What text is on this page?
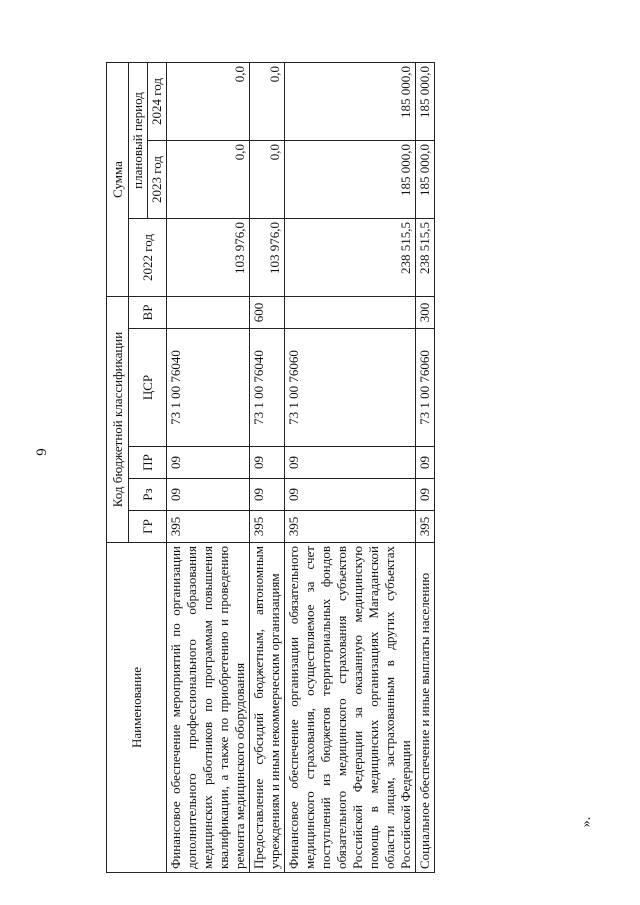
6
Наименование	Код бюджетной классификации					Сумма		
	ГР	Рз	ПР	ЦСР	ВР	2022 год	плановый период	
							2023 год	2024 год
Финансовое обеспечение мероприятий по организации дополнительного профессионального образования медицинских работников по программам повышения квалификации, а также по приобретению и проведению ремонта медицинского оборудования	395	09	09	73 1 00 76040		103 976,0	0,0	0,0
Предоставление субсидий бюджетным, автономным учреждениям и иным некоммерческим организациям	395	09	09	73 1 00 76040	600	103 976,0	0,0	0,0
Финансовое обеспечение организации обязательного медицинского страхования, осуществляемое за счет поступлений из бюджетов территориальных фондов обязательного медицинского страхования субъектов Российской Федерации за оказанную медицинскую помощь в медицинских организациях Магаданской области лицам, застрахованным в других субъектах Российской Федерации	395	09	09	73 1 00 76060		238 515,5	185 000,0	185 000,0
Социальное обеспечение и иные выплаты населению	395	09	09	73 1 00 76060	300	238 515,5	185 000,0	185 000,0
».
